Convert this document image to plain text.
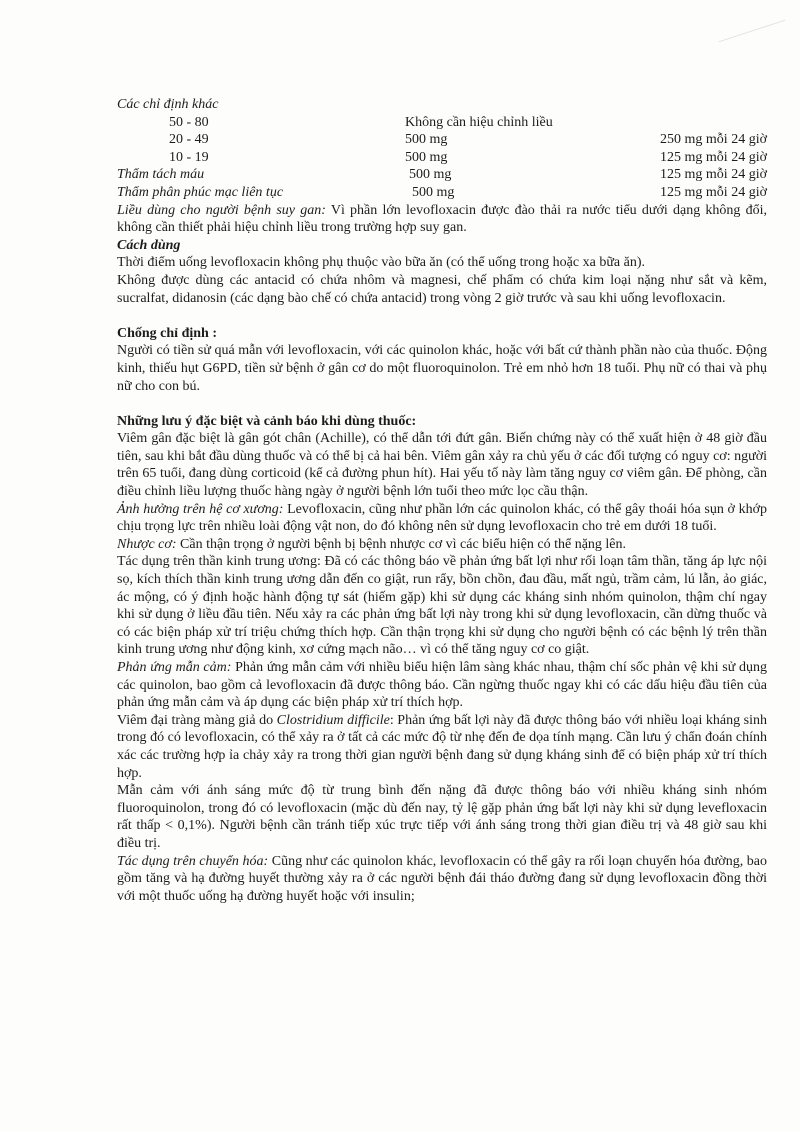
Các chỉ định khác
50 - 80	Không cần hiệu chỉnh liều
20 - 49	500 mg	250 mg mỗi 24 giờ
10 - 19	500 mg	125 mg mỗi 24 giờ
Thẩm tách máu	500 mg	125 mg mỗi 24 giờ
Thẩm phân phúc mạc liên tục	500 mg	125 mg mỗi 24 giờ

Liều dùng cho người bệnh suy gan: Vì phần lớn levofloxacin được đào thải ra nước tiểu dưới dạng không đổi, không cần thiết phải hiệu chỉnh liều trong trường hợp suy gan.

Cách dùng

Thời điểm uống levofloxacin không phụ thuộc vào bữa ăn (có thể uống trong hoặc xa bữa ăn).

Không được dùng các antacid có chứa nhôm và magnesi, chế phẩm có chứa kim loại nặng như sắt và kẽm, sucralfat, didanosin (các dạng bào chế có chứa antacid) trong vòng 2 giờ trước và sau khi uống levofloxacin.

Chống chỉ định :

Người có tiền sử quá mẫn với levofloxacin, với các quinolon khác, hoặc với bất cứ thành phần nào của thuốc. Động kinh, thiếu hụt G6PD, tiền sử bệnh ở gân cơ do một fluoroquinolon. Trẻ em nhỏ hơn 18 tuổi. Phụ nữ có thai và phụ nữ cho con bú.

Những lưu ý đặc biệt và cảnh báo khi dùng thuốc:

Viêm gân đặc biệt là gân gót chân (Achille), có thể dẫn tới đứt gân. Biến chứng này có thể xuất hiện ở 48 giờ đầu tiên, sau khi bắt đầu dùng thuốc và có thể bị cả hai bên. Viêm gân xảy ra chủ yếu ở các đối tượng có nguy cơ: người trên 65 tuổi, đang dùng corticoid (kể cả đường phun hít). Hai yếu tố này làm tăng nguy cơ viêm gân. Để phòng, cần điều chỉnh liều lượng thuốc hàng ngày ở người bệnh lớn tuổi theo mức lọc cầu thận.

Ảnh hưởng trên hệ cơ xương: Levofloxacin, cũng như phần lớn các quinolon khác, có thể gây thoái hóa sụn ở khớp chịu trọng lực trên nhiều loài động vật non, do đó không nên sử dụng levofloxacin cho trẻ em dưới 18 tuổi.

Nhược cơ: Cần thận trọng ở người bệnh bị bệnh nhược cơ vì các biểu hiện có thể nặng lên.

Tác dụng trên thần kinh trung ương: Đã có các thông báo về phản ứng bất lợi như rối loạn tâm thần, tăng áp lực nội sọ, kích thích thần kinh trung ương dẫn đến co giật, run rẩy, bồn chồn, đau đầu, mất ngủ, trầm cảm, lú lẫn, ảo giác, ác mộng, có ý định hoặc hành động tự sát (hiếm gặp) khi sử dụng các kháng sinh nhóm quinolon, thậm chí ngay khi sử dụng ở liều đầu tiên. Nếu xảy ra các phản ứng bất lợi này trong khi sử dụng levofloxacin, cần dừng thuốc và có các biện pháp xử trí triệu chứng thích hợp. Cần thận trọng khi sử dụng cho người bệnh có các bệnh lý trên thần kinh trung ương như động kinh, xơ cứng mạch não… vì có thể tăng nguy cơ co giật.

Phản ứng mẫn cảm: Phản ứng mẫn cảm với nhiều biểu hiện lâm sàng khác nhau, thậm chí sốc phản vệ khi sử dụng các quinolon, bao gồm cả levofloxacin đã được thông báo. Cần ngừng thuốc ngay khi có các dấu hiệu đầu tiên của phản ứng mẫn cảm và áp dụng các biện pháp xử trí thích hợp.

Viêm đại tràng màng giả do Clostridium difficile: Phản ứng bất lợi này đã được thông báo với nhiều loại kháng sinh trong đó có levofloxacin, có thể xảy ra ở tất cả các mức độ từ nhẹ đến đe dọa tính mạng. Cần lưu ý chẩn đoán chính xác các trường hợp ỉa chảy xảy ra trong thời gian người bệnh đang sử dụng kháng sinh để có biện pháp xử trí thích hợp.

Mẫn cảm với ánh sáng mức độ từ trung bình đến nặng đã được thông báo với nhiều kháng sinh nhóm fluoroquinolon, trong đó có levofloxacin (mặc dù đến nay, tỷ lệ gặp phản ứng bất lợi này khi sử dụng levefloxacin rất thấp < 0,1%). Người bệnh cần tránh tiếp xúc trực tiếp với ánh sáng trong thời gian điều trị và 48 giờ sau khi điều trị.

Tác dụng trên chuyển hóa: Cũng như các quinolon khác, levofloxacin có thể gây ra rối loạn chuyển hóa đường, bao gồm tăng và hạ đường huyết thường xảy ra ở các người bệnh đái tháo đường đang sử dụng levofloxacin đồng thời với một thuốc uống hạ đường huyết hoặc với insulin;
